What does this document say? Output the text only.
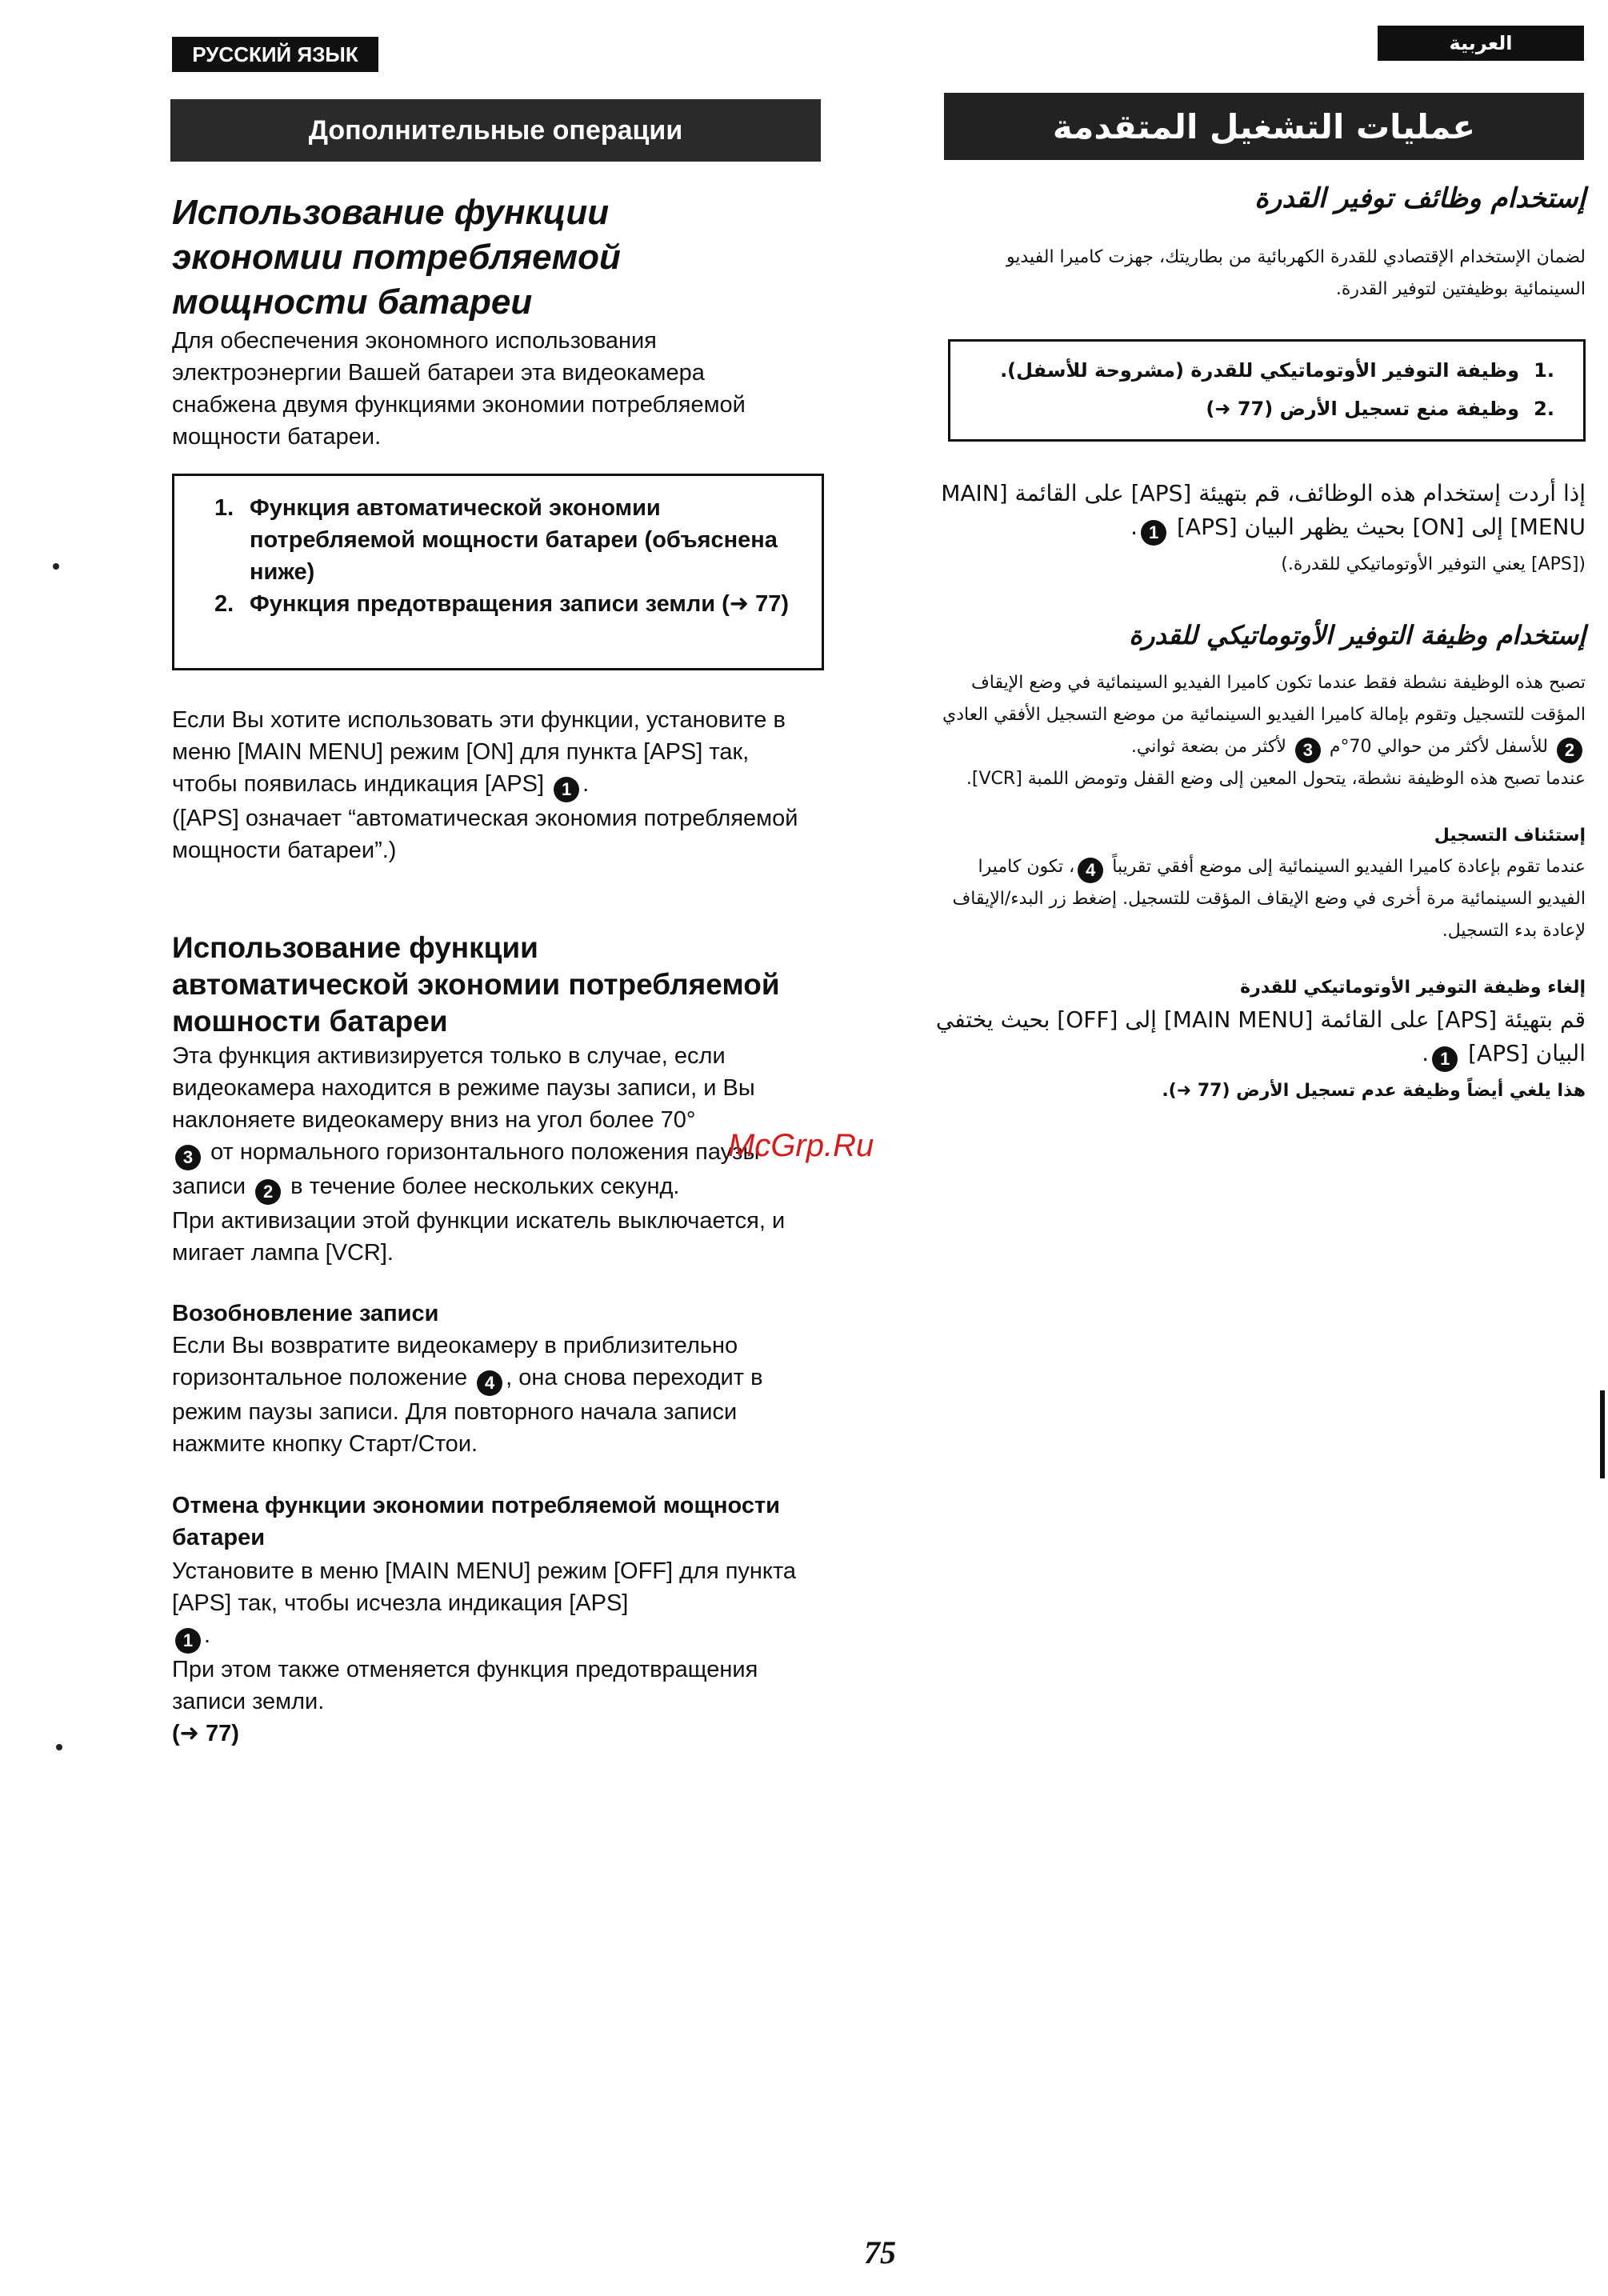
РУССКИЙ ЯЗЫК
Дополнительные операции
Использование функции экономии потребляемой мощности батареи
Для обеспечения экономного использования электроэнергии Вашей батареи эта видеокамера снабжена двумя функциями экономии потребляемой мощности батареи.
1. Функция автоматической экономии потребляемой мощности батареи (объяснена ниже)
2. Функция предотвращения записи земли (➜ 77)
Если Вы хотите использовать эти функции, установите в меню [MAIN MENU] режим [ON] для пункта [APS] так, чтобы появилась индикация [APS] 1 .
([APS] означает “автоматическая экономия потребляемой мощности батареи”.)
Использование функции автоматической экономии потребляемой мошности батареи
Эта функция активизируется только в случае, если видеокамера находится в режиме паузы записи, и Вы наклоняете видеокамеру вниз на угол более 70°
3 от нормального горизонтального положения паузы записи 2 в течение более нескольких секунд.
При активизации этой функции искатель выключается, и мигает лампа [VCR].
Возобновление записи
Если Вы возвратите видеокамеру в приблизительно горизонтальное положение 4 , она снова переходит в режим паузы записи. Для повторного начала записи нажмите кнопку Старт/Стои.
Отмена функции экономии потребляемой мощности батареи
Установите в меню [MAIN MENU] режим [OFF] для пункта [APS] так, чтобы исчезла индикация [APS]
1 .
При этом также отменяется функция предотвращения записи земли.
(➜ 77)
العربية
عمليات التشغيل المتقدمة
إستخدام وظائف توفير القدرة
لضمان الإستخدام الإقتصادي للقدرة الكهربائية من بطاريتك، جهزت كاميرا الفيديو السينمائية بوظيفتين لتوفير القدرة.
.1
وظيفة التوفير الأوتوماتيكي للقدرة (مشروحة للأسفل).
.2
وظيفة منع تسجيل الأرض (77 ➜)
إذا أردت إستخدام هذه الوظائف، قم بتهيئة [APS] على القائمة [MAIN MENU] إلى [ON] بحيث يظهر البيان [APS] 1.
([APS] يعني التوفير الأوتوماتيكي للقدرة.)
إستخدام وظيفة التوفير الأوتوماتيكي للقدرة
تصبح هذه الوظيفة نشطة فقط عندما تكون كاميرا الفيديو السينمائية في وضع الإيقاف المؤقت للتسجيل وتقوم بإمالة كاميرا الفيديو السينمائية من موضع التسجيل الأفقي العادي 2 للأسفل لأكثر من حوالي 70°م 3 لأكثر من بضعة ثواني.
عندما تصبح هذه الوظيفة نشطة، يتحول المعين إلى وضع القفل وتومض اللمبة [VCR].
إستئناف التسجيل
عندما تقوم بإعادة كاميرا الفيديو السينمائية إلى موضع أفقي تقريباً 4، تكون كاميرا الفيديو السينمائية مرة أخرى في وضع الإيقاف المؤقت للتسجيل. إضغط زر البدء/الإيقاف لإعادة بدء التسجيل.
إلغاء وظيفة التوفير الأوتوماتيكي للقدرة
قم بتهيئة [APS] على القائمة [MAIN MENU] إلى [OFF] بحيث يختفي البيان [APS] 1.
هذا يلغي أيضاً وظيفة عدم تسجيل الأرض (77 ➜).
McGrp.Ru
75
